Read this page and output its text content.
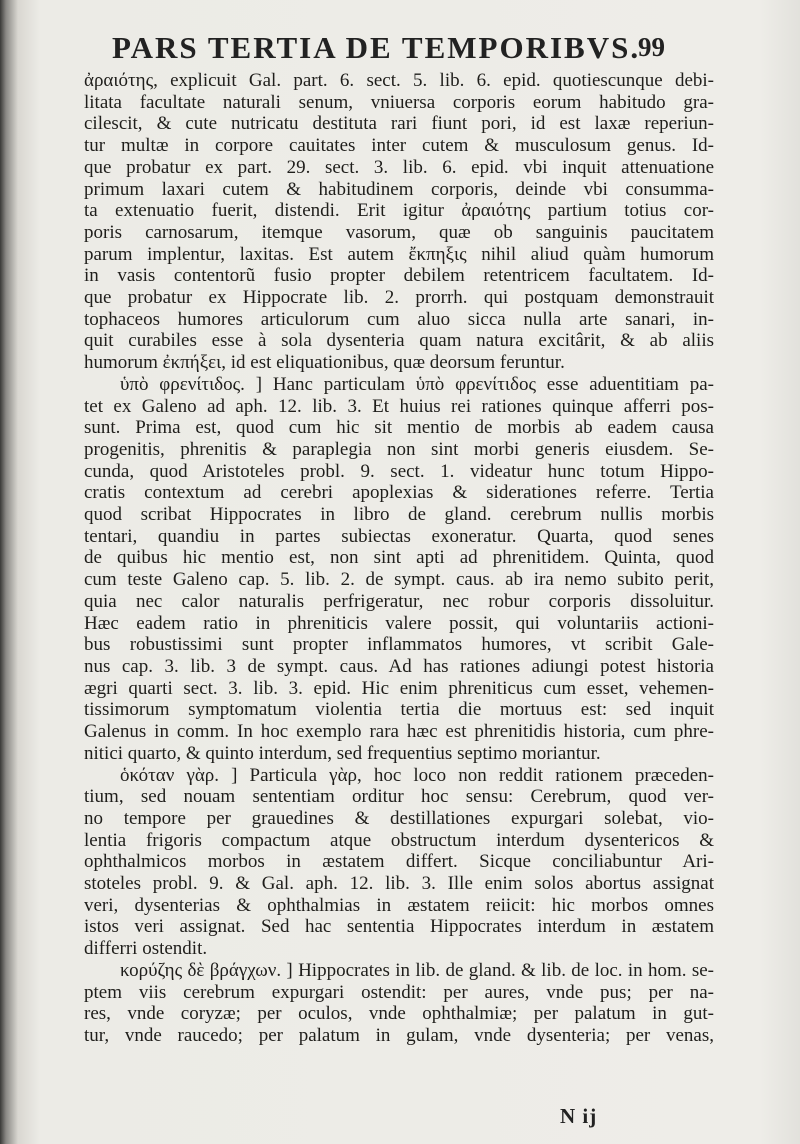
PARS TERTIA DE TEMPORIBVS.
99
ἀραιότης, explicuit Gal. part. 6. sect. 5. lib. 6. epid. quotiescunque debi-
litata facultate naturali senum, vniuersa corporis eorum habitudo gra-
cilescit, & cute nutricatu destituta rari fiunt pori, id est laxæ reperiun-
tur multæ in corpore cauitates inter cutem & musculosum genus. Id-
que probatur ex part. 29. sect. 3. lib. 6. epid. vbi inquit attenuatione
primum laxari cutem & habitudinem corporis, deinde vbi consumma-
ta extenuatio fuerit, distendi. Erit igitur ἀραιότης partium totius cor-
poris carnosarum, itemque vasorum, quæ ob sanguinis paucitatem
parum implentur, laxitas. Est autem ἔκπηξις nihil aliud quàm humorum
in vasis contentorũ fusio propter debilem retentricem facultatem. Id-
que probatur ex Hippocrate lib. 2. prorrh. qui postquam demonstrauit
tophaceos humores articulorum cum aluo sicca nulla arte sanari, in-
quit curabiles esse à sola dysenteria quam natura excitârit, & ab aliis
humorum ἐκπήξει, id est eliquationibus, quæ deorsum feruntur.
ὑπὸ φρενίτιδος. ] Hanc particulam ὑπὸ φρενίτιδος esse aduentitiam pa-
tet ex Galeno ad aph. 12. lib. 3. Et huius rei rationes quinque afferri pos-
sunt. Prima est, quod cum hic sit mentio de morbis ab eadem causa
progenitis, phrenitis & paraplegia non sint morbi generis eiusdem. Se-
cunda, quod Aristoteles probl. 9. sect. 1. videatur hunc totum Hippo-
cratis contextum ad cerebri apoplexias & siderationes referre. Tertia
quod scribat Hippocrates in libro de gland. cerebrum nullis morbis
tentari, quandiu in partes subiectas exoneratur. Quarta, quod senes
de quibus hic mentio est, non sint apti ad phrenitidem. Quinta, quod
cum teste Galeno cap. 5. lib. 2. de sympt. caus. ab ira nemo subito perit,
quia nec calor naturalis perfrigeratur, nec robur corporis dissoluitur.
Hæc eadem ratio in phreniticis valere possit, qui voluntariis actioni-
bus robustissimi sunt propter inflammatos humores, vt scribit Gale-
nus cap. 3. lib. 3 de sympt. caus. Ad has rationes adiungi potest historia
ægri quarti sect. 3. lib. 3. epid. Hic enim phreniticus cum esset, vehemen-
tissimorum symptomatum violentia tertia die mortuus est: sed inquit
Galenus in comm. In hoc exemplo rara hæc est phrenitidis historia, cum phre-
nitici quarto, & quinto interdum, sed frequentius septimo moriantur.
ὁκόταν γὰρ. ] Particula γὰρ, hoc loco non reddit rationem præceden-
tium, sed nouam sententiam orditur hoc sensu: Cerebrum, quod ver-
no tempore per grauedines & destillationes expurgari solebat, vio-
lentia frigoris compactum atque obstructum interdum dysentericos &
ophthalmicos morbos in æstatem differt. Sicque conciliabuntur Ari-
stoteles probl. 9. & Gal. aph. 12. lib. 3. Ille enim solos abortus assignat
veri, dysenterias & ophthalmias in æstatem reiicit: hic morbos omnes
istos veri assignat. Sed hac sententia Hippocrates interdum in æstatem
differri ostendit.
κορύζης δὲ βράγχων. ] Hippocrates in lib. de gland. & lib. de loc. in hom. se-
ptem viis cerebrum expurgari ostendit: per aures, vnde pus; per na-
res, vnde coryzæ; per oculos, vnde ophthalmiæ; per palatum in gut-
tur, vnde raucedo; per palatum in gulam, vnde dysenteria; per venas,
N ij
